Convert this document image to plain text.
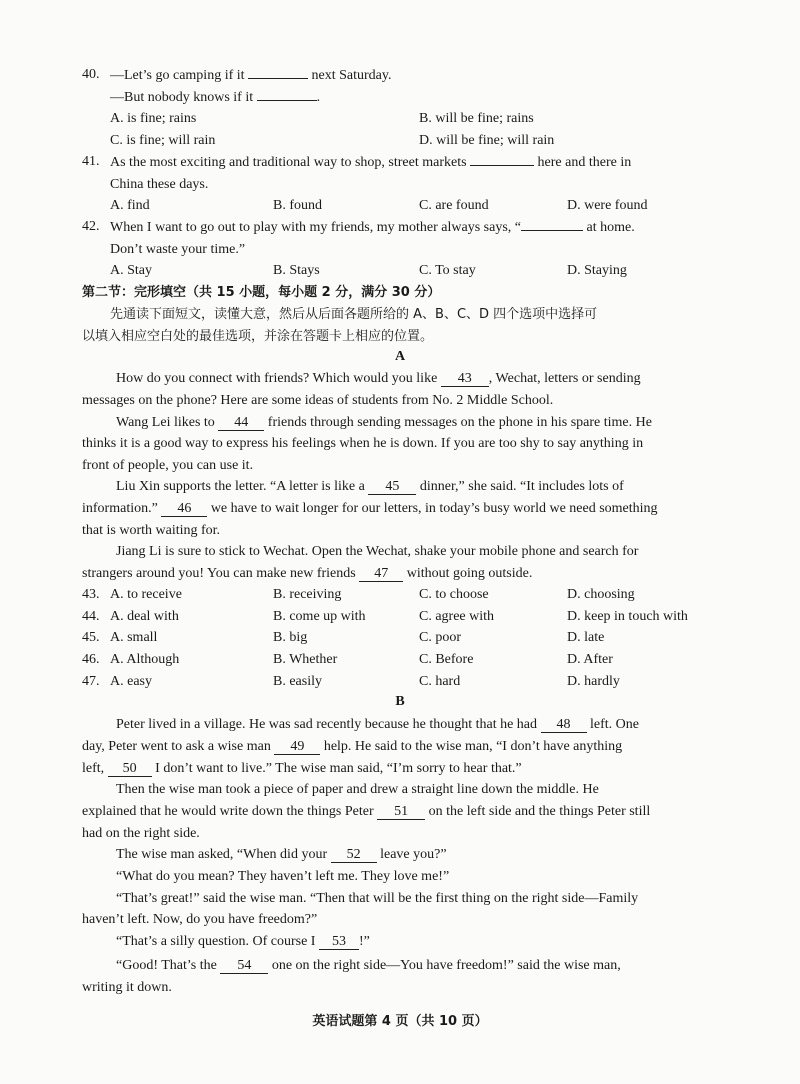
40. —Let’s go camping if it	next Saturday.
—But nobody knows if it	.
A. is fine; rains	B. will be fine; rains
C. is fine; will rain	D. will be fine; will rain
41. As the most exciting and traditional way to shop, street markets	here and there in
China these days.
A. find	B. found	C. are found	D. were found
42. When I want to go out to play with my friends, my mother always says, “	at home.
Don’t waste your time.”
A. Stay	B. Stays	C. To stay	D. Staying
第二节：完形填空（共 15 小题，每小题 2 分，满分 30 分）
先通读下面短文，读懂大意，然后从后面各题所给的 A、B、C、D 四个选项中选择可
以填入相应空白处的最佳选项，并涂在答题卡上相应的位置。
A
How do you connect with friends? Which would you like 43 , Wechat, letters or sending
messages on the phone? Here are some ideas of students from No. 2 Middle School.
Wang Lei likes to 44 friends through sending messages on the phone in his spare time. He
thinks it is a good way to express his feelings when he is down. If you are too shy to say anything in
front of people, you can use it.
Liu Xin supports the letter. “A letter is like a 45 dinner,” she said. “It includes lots of
information.” 46 we have to wait longer for our letters, in today’s busy world we need something
that is worth waiting for.
Jiang Li is sure to stick to Wechat. Open the Wechat, shake your mobile phone and search for
strangers around you! You can make new friends 47 without going outside.
43. A. to receive	B. receiving	C. to choose	D. choosing
44. A. deal with	B. come up with	C. agree with	D. keep in touch with
45. A. small	B. big	C. poor	D. late
46. A. Although	B. Whether	C. Before	D. After
47. A. easy	B. easily	C. hard	D. hardly
B
Peter lived in a village. He was sad recently because he thought that he had 48 left. One
day, Peter went to ask a wise man 49 help. He said to the wise man, “I don’t have anything
left, 50 I don’t want to live.” The wise man said, “I’m sorry to hear that.”
Then the wise man took a piece of paper and drew a straight line down the middle. He
explained that he would write down the things Peter 51 on the left side and the things Peter still
had on the right side.
The wise man asked, “When did your 52 leave you?”
“What do you mean? They haven’t left me. They love me!”
“That’s great!” said the wise man. “Then that will be the first thing on the right side—Family
haven’t left. Now, do you have freedom?”
“That’s a silly question. Of course I 53 !”
“Good! That’s the 54 one on the right side—You have freedom!” said the wise man,
writing it down.
英语试题第 4 页（共 10 页）
